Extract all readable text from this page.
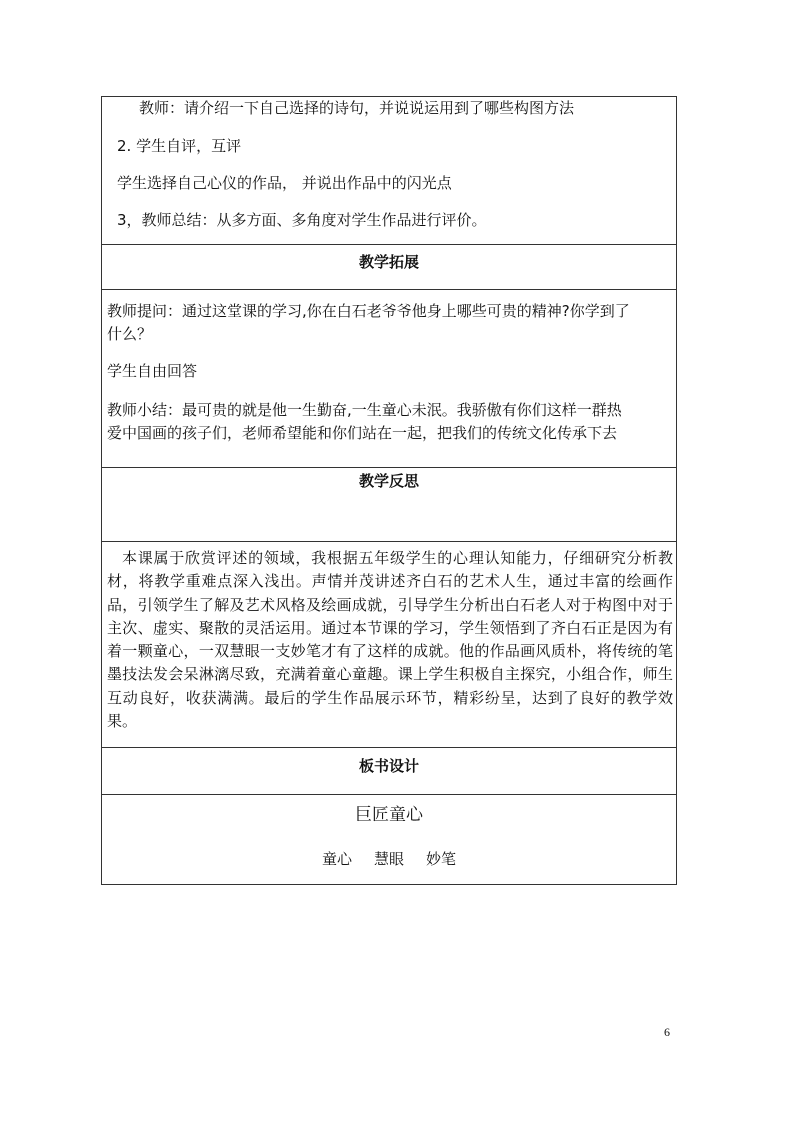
教师：请介绍一下自己选择的诗句，并说说运用到了哪些构图方法
2. 学生自评，互评
学生选择自己心仪的作品， 并说出作品中的闪光点
3，教师总结：从多方面、多角度对学生作品进行评价。
教学拓展
教师提问：通过这堂课的学习,你在白石老爷爷他身上哪些可贵的精神?你学到了
什么？
学生自由回答
教师小结：最可贵的就是他一生勤奋,一生童心未泯。我骄傲有你们这样一群热
爱中国画的孩子们，老师希望能和你们站在一起，把我们的传统文化传承下去
教学反思
本课属于欣赏评述的领域，我根据五年级学生的心理认知能力，仔细研究分析教材，将教学重难点深入浅出。声情并茂讲述齐白石的艺术人生，通过丰富的绘画作品，引领学生了解及艺术风格及绘画成就，引导学生分析出白石老人对于构图中对于主次、虚实、聚散的灵活运用。通过本节课的学习，学生领悟到了齐白石正是因为有着一颗童心，一双慧眼一支妙笔才有了这样的成就。他的作品画风质朴，将传统的笔墨技法发会呆淋漓尽致，充满着童心童趣。课上学生积极自主探究，小组合作，师生互动良好，收获满满。最后的学生作品展示环节，精彩纷呈，达到了良好的教学效果。
板书设计
巨匠童心
童心 慧眼 妙笔
6
